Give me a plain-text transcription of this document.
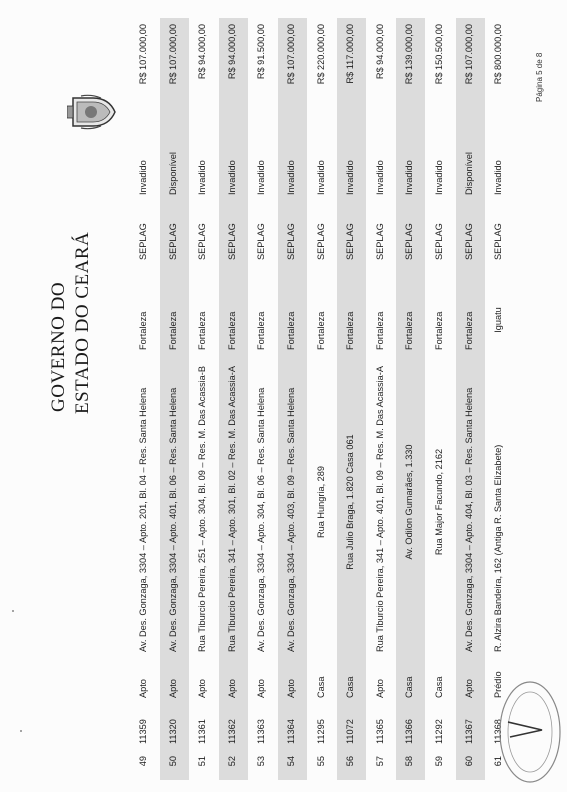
GOVERNO DO ESTADO DO CEARÁ
49
11359
Apto
Av. Des. Gonzaga, 3304 – Apto. 201, Bl. 04 – Res. Santa Helena
Fortaleza
SEPLAG
Invadido
R$ 107.000,00
50
11320
Apto
Av. Des. Gonzaga, 3304 – Apto. 401, Bl. 06 – Res. Santa Helena
Fortaleza
SEPLAG
Disponível
R$ 107.000,00
51
11361
Apto
Rua Tiburcio Pereira, 251 – Apto. 304, Bl. 09 – Res. M. Das Acassia-B
Fortaleza
SEPLAG
Invadido
R$ 94.000,00
52
11362
Apto
Rua Tiburcio Pereira, 341 – Apto. 301, Bl. 02 – Res. M. Das Acassia-A
Fortaleza
SEPLAG
Invadido
R$ 94.000,00
53
11363
Apto
Av. Des. Gonzaga, 3304 – Apto. 304, Bl. 06 – Res. Santa Helena
Fortaleza
SEPLAG
Invadido
R$ 91.500,00
54
11364
Apto
Av. Des. Gonzaga, 3304 – Apto. 403, Bl. 09 – Res. Santa Helena
Fortaleza
SEPLAG
Invadido
R$ 107.000,00
55
11295
Casa
Rua Hungria, 289
Fortaleza
SEPLAG
Invadido
R$ 220.000,00
56
11072
Casa
Rua Julio Braga, 1.820 Casa 061
Fortaleza
SEPLAG
Invadido
R$ 117.000,00
57
11365
Apto
Rua Tiburcio Pereira, 341 – Apto. 401, Bl. 09 – Res. M. Das Acassia-A
Fortaleza
SEPLAG
Invadido
R$ 94.000,00
58
11366
Casa
Av. Odilon Gumarães, 1.330
Fortaleza
SEPLAG
Invadido
R$ 139.000,00
59
11292
Casa
Rua Major Facundo, 2162
Fortaleza
SEPLAG
Invadido
R$ 150.500,00
60
11367
Apto
Av. Des. Gonzaga, 3304 – Apto. 404, Bl. 03 – Res. Santa Helena
Fortaleza
SEPLAG
Disponível
R$ 107.000,00
61
11368
Prédio
R. Alzira Bandeira, 162 (Antiga R. Santa Elizabete)
Iguatu
SEPLAG
Invadido
R$ 800.000,00	Página 5 de 8
